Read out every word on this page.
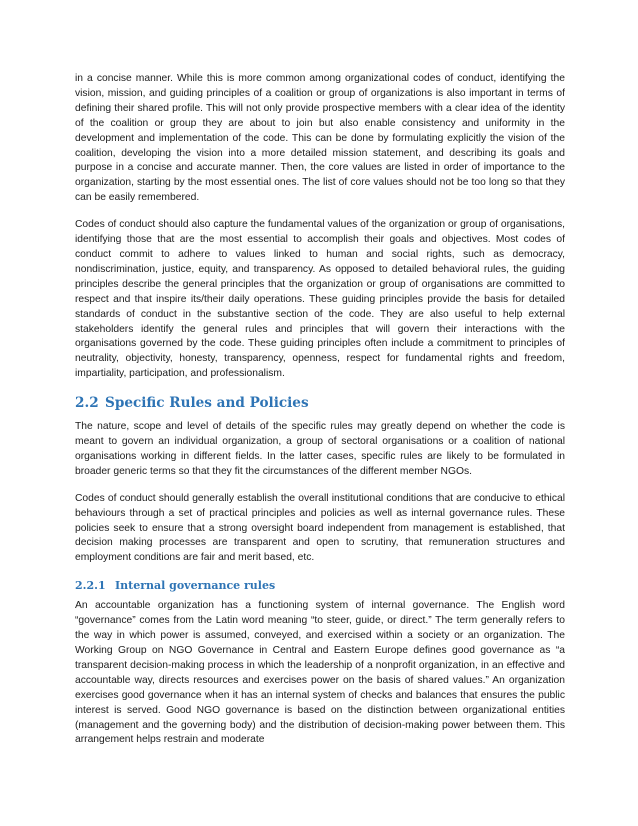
in a concise manner. While this is more common among organizational codes of conduct, identifying the vision, mission, and guiding principles of a coalition or group of organizations is also important in terms of defining their shared profile. This will not only provide prospective members with a clear idea of the identity of the coalition or group they are about to join but also enable consistency and uniformity in the development and implementation of the code. This can be done by formulating explicitly the vision of the coalition, developing the vision into a more detailed mission statement, and describing its goals and purpose in a concise and accurate manner. Then, the core values are listed in order of importance to the organization, starting by the most essential ones. The list of core values should not be too long so that they can be easily remembered.

Codes of conduct should also capture the fundamental values of the organization or group of organisations, identifying those that are the most essential to accomplish their goals and objectives. Most codes of conduct commit to adhere to values linked to human and social rights, such as democracy, nondiscrimination, justice, equity, and transparency. As opposed to detailed behavioral rules, the guiding principles describe the general principles that the organization or group of organisations are committed to respect and that inspire its/their daily operations. These guiding principles provide the basis for detailed standards of conduct in the substantive section of the code. They are also useful to help external stakeholders identify the general rules and principles that will govern their interactions with the organisations governed by the code. These guiding principles often include a commitment to principles of neutrality, objectivity, honesty, transparency, openness, respect for fundamental rights and freedom, impartiality, participation, and professionalism.

2.2 Specific Rules and Policies

The nature, scope and level of details of the specific rules may greatly depend on whether the code is meant to govern an individual organization, a group of sectoral organisations or a coalition of national organisations working in different fields. In the latter cases, specific rules are likely to be formulated in broader generic terms so that they fit the circumstances of the different member NGOs.

Codes of conduct should generally establish the overall institutional conditions that are conducive to ethical behaviours through a set of practical principles and policies as well as internal governance rules. These policies seek to ensure that a strong oversight board independent from management is established, that decision making processes are transparent and open to scrutiny, that remuneration structures and employment conditions are fair and merit based, etc.

2.2.1 Internal governance rules

An accountable organization has a functioning system of internal governance. The English word “governance” comes from the Latin word meaning “to steer, guide, or direct.” The term generally refers to the way in which power is assumed, conveyed, and exercised within a society or an organization. The Working Group on NGO Governance in Central and Eastern Europe defines good governance as “a transparent decision-making process in which the leadership of a nonprofit organization, in an effective and accountable way, directs resources and exercises power on the basis of shared values.” An organization exercises good governance when it has an internal system of checks and balances that ensures the public interest is served. Good NGO governance is based on the distinction between organizational entities (management and the governing body) and the distribution of decision-making power between them. This arrangement helps restrain and moderate
